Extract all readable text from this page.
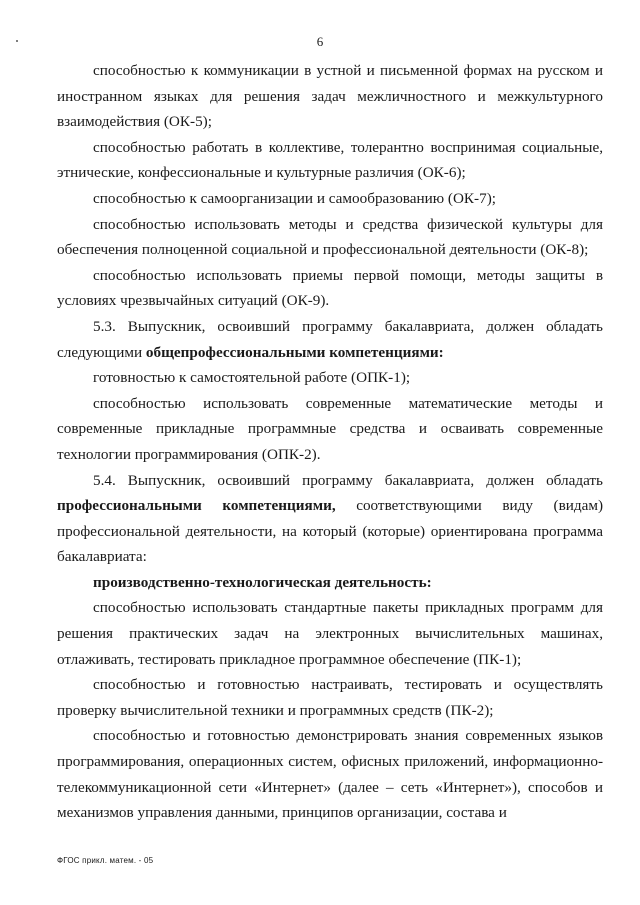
6

способностью к коммуникации в устной и письменной формах на русском и иностранном языках для решения задач межличностного и межкультурного взаимодействия (ОК-5);

способностью работать в коллективе, толерантно воспринимая социальные, этнические, конфессиональные и культурные различия (ОК-6);

способностью к самоорганизации и самообразованию (ОК-7);

способностью использовать методы и средства физической культуры для обеспечения полноценной социальной и профессиональной деятельности (ОК-8);

способностью использовать приемы первой помощи, методы защиты в условиях чрезвычайных ситуаций (ОК-9).

5.3. Выпускник, освоивший программу бакалавриата, должен обладать следующими общепрофессиональными компетенциями:

готовностью к самостоятельной работе (ОПК-1);

способностью использовать современные математические методы и современные прикладные программные средства и осваивать современные технологии программирования (ОПК-2).

5.4. Выпускник, освоивший программу бакалавриата, должен обладать профессиональными компетенциями, соответствующими виду (видам) профессиональной деятельности, на который (которые) ориентирована программа бакалавриата:

производственно-технологическая деятельность:

способностью использовать стандартные пакеты прикладных программ для решения практических задач на электронных вычислительных машинах, отлаживать, тестировать прикладное программное обеспечение (ПК-1);

способностью и готовностью настраивать, тестировать и осуществлять проверку вычислительной техники и программных средств (ПК-2);

способностью и готовностью демонстрировать знания современных языков программирования, операционных систем, офисных приложений, информационно-телекоммуникационной сети «Интернет» (далее – сеть «Интернет»), способов и механизмов управления данными, принципов организации, состава и

ФГОС прикл. матем. - 05
